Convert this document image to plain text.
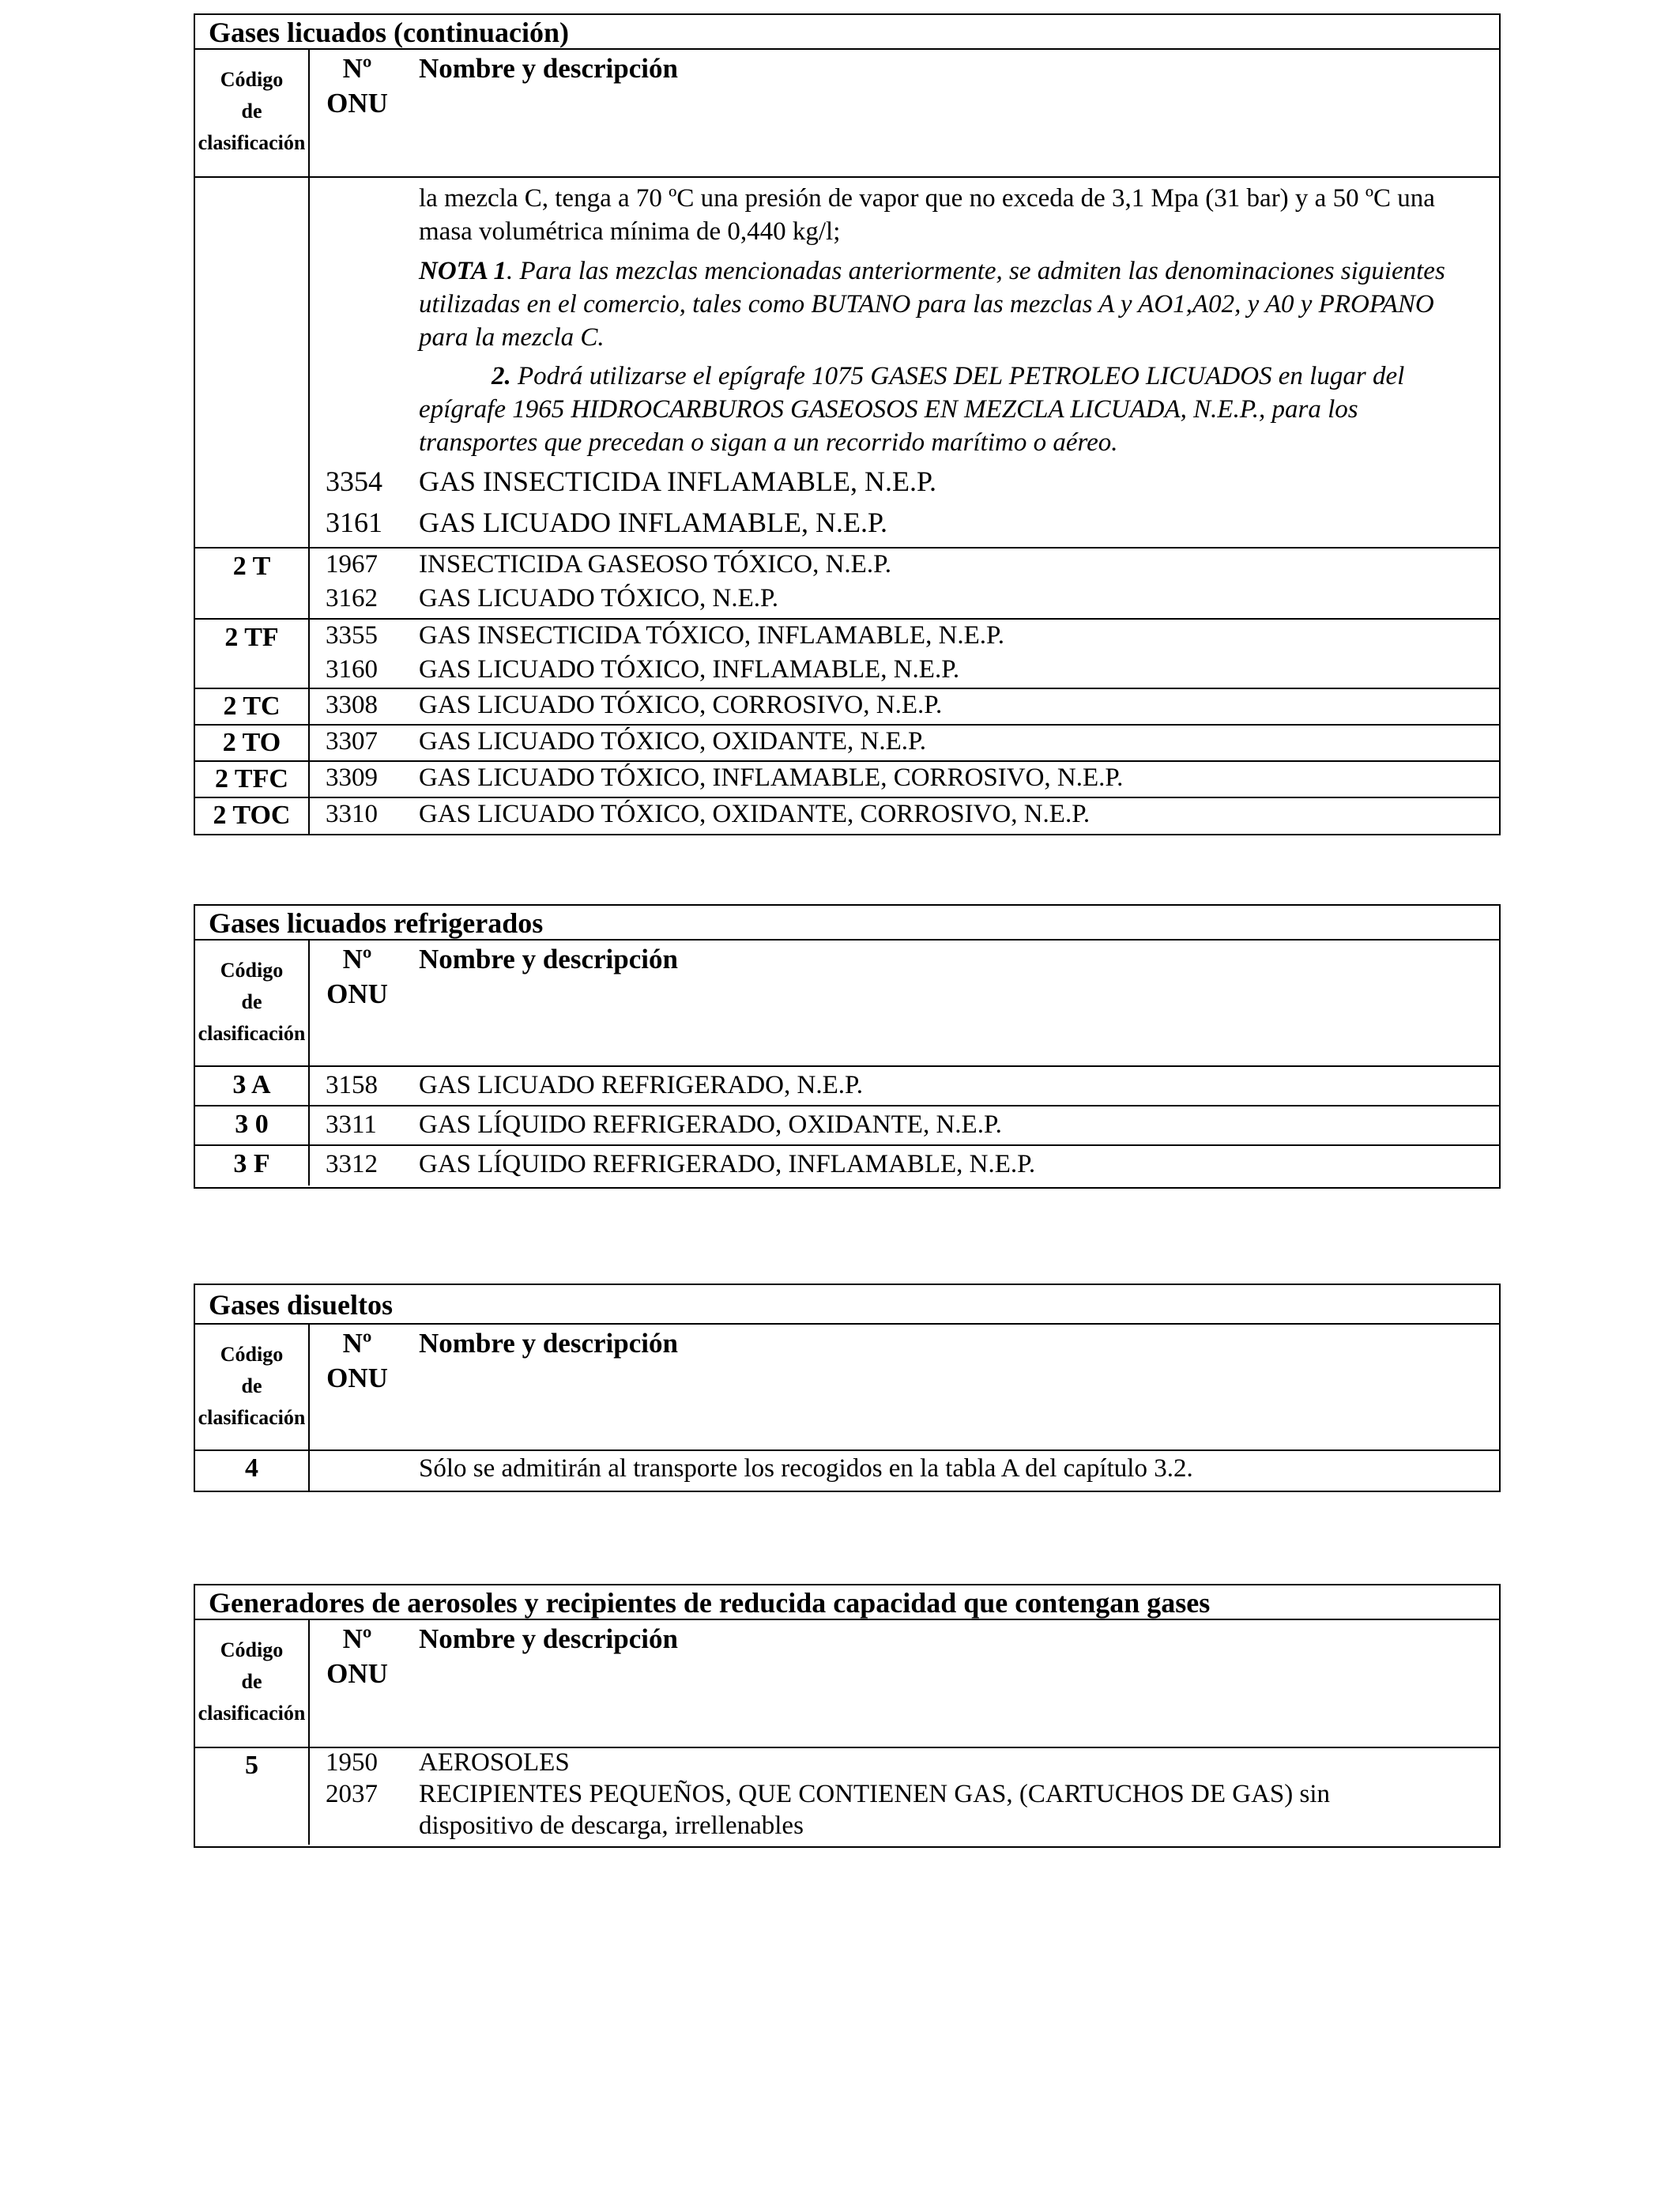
Gases licuados (continuación)
Código
de
clasificación
Nº
ONU
Nombre y descripción
la mezcla C, tenga a 70 ºC una presión de vapor que no exceda de 3,1 Mpa (31 bar) y a 50 ºC una masa volumétrica mínima de 0,440 kg/l;
NOTA 1. Para las mezclas mencionadas anteriormente, se admiten las denominaciones siguientes utilizadas en el comercio, tales como BUTANO para las mezclas A y AO1,A02, y A0 y PROPANO para la mezcla C.
2. Podrá utilizarse el epígrafe 1075 GASES DEL PETROLEO LICUADOS en lugar del epígrafe 1965 HIDROCARBUROS GASEOSOS EN MEZCLA LICUADA, N.E.P., para los transportes que precedan o sigan a un recorrido marítimo o aéreo.
3354 GAS INSECTICIDA INFLAMABLE, N.E.P.
3161 GAS LICUADO INFLAMABLE, N.E.P.
2 T	1967 INSECTICIDA GASEOSO TÓXICO, N.E.P.
3162 GAS LICUADO TÓXICO, N.E.P.
2 TF	3355 GAS INSECTICIDA TÓXICO, INFLAMABLE, N.E.P.
3160 GAS LICUADO TÓXICO, INFLAMABLE, N.E.P.
2 TC	3308 GAS LICUADO TÓXICO, CORROSIVO, N.E.P.
2 TO	3307 GAS LICUADO TÓXICO, OXIDANTE, N.E.P.
2 TFC	3309 GAS LICUADO TÓXICO, INFLAMABLE, CORROSIVO, N.E.P.
2 TOC	3310 GAS LICUADO TÓXICO, OXIDANTE, CORROSIVO, N.E.P.
Gases licuados refrigerados
Código
de
clasificación
Nº
ONU
Nombre y descripción
3 A	3158 GAS LICUADO REFRIGERADO, N.E.P.
3 0	3311 GAS LÍQUIDO REFRIGERADO, OXIDANTE, N.E.P.
3 F	3312 GAS LÍQUIDO REFRIGERADO, INFLAMABLE, N.E.P.
Gases disueltos
Código
de
clasificación
Nº
ONU
Nombre y descripción
4	Sólo se admitirán al transporte los recogidos en la tabla A del capítulo 3.2.
Generadores de aerosoles y recipientes de reducida capacidad que contengan gases
Código
de
clasificación
Nº
ONU
Nombre y descripción
5	1950 AEROSOLES
2037 RECIPIENTES PEQUEÑOS, QUE CONTIENEN GAS, (CARTUCHOS DE GAS) sin
dispositivo de descarga, irrellenables
